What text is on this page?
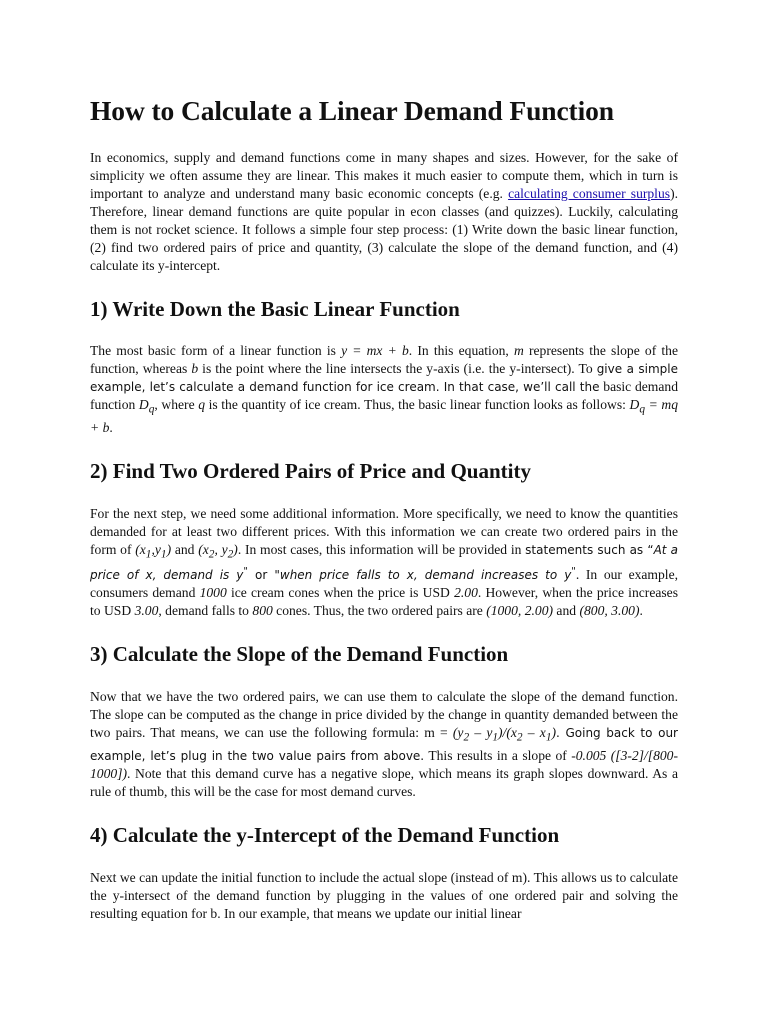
How to Calculate a Linear Demand Function

In economics, supply and demand functions come in many shapes and sizes. However, for the sake of simplicity we often assume they are linear. This makes it much easier to compute them, which in turn is important to analyze and understand many basic economic concepts (e.g. calculating consumer surplus). Therefore, linear demand functions are quite popular in econ classes (and quizzes). Luckily, calculating them is not rocket science. It follows a simple four step process: (1) Write down the basic linear function, (2) find two ordered pairs of price and quantity, (3) calculate the slope of the demand function, and (4) calculate its y-intercept.

1) Write Down the Basic Linear Function

The most basic form of a linear function is y = mx + b. In this equation, m represents the slope of the function, whereas b is the point where the line intersects the y-axis (i.e. the y-intersect). To give a simple example, let’s calculate a demand function for ice cream. In that case, we’ll call the basic demand function $D_q$, where q is the quantity of ice cream. Thus, the basic linear function looks as follows: $D_q$ = mq + b.

2) Find Two Ordered Pairs of Price and Quantity

For the next step, we need some additional information. More specifically, we need to know the quantities demanded for at least two different prices. With this information we can create two ordered pairs in the form of $(x_1,y_1)$ and ($x_2$, $y_2$). In most cases, this information will be provided in statements such as “At a price of x, demand is y" or "when price falls to x, demand increases to y". In our example, consumers demand 1000 ice cream cones when the price is USD 2.00. However, when the price increases to USD 3.00, demand falls to 800 cones. Thus, the two ordered pairs are (1000, 2.00) and (800, 3.00).

3) Calculate the Slope of the Demand Function

Now that we have the two ordered pairs, we can use them to calculate the slope of the demand function. The slope can be computed as the change in price divided by the change in quantity demanded between the two pairs. That means, we can use the following formula: $m = (y_2 - y_1)/(x_2 - x_1)$. Going back to our example, let’s plug in the two value pairs from above. This results in a slope of -0.005 ([3-2]/[800-1000]). Note that this demand curve has a negative slope, which means its graph slopes downward. As a rule of thumb, this will be the case for most demand curves.

4) Calculate the y-Intercept of the Demand Function

Next we can update the initial function to include the actual slope (instead of m). This allows us to calculate the y-intersect of the demand function by plugging in the values of one ordered pair and solving the resulting equation for b. In our example, that means we update our initial linear
